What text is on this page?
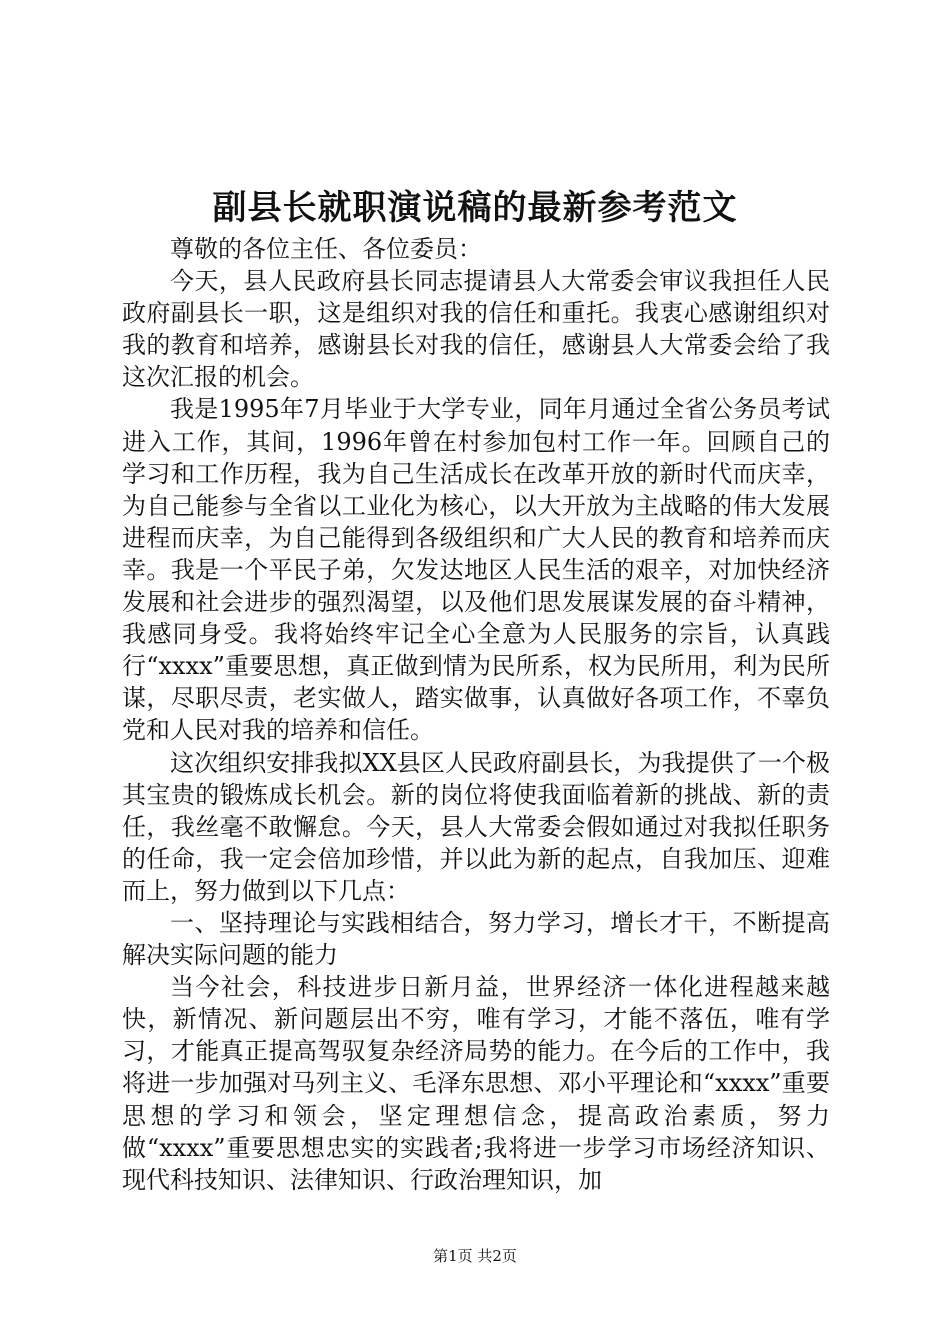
副县长就职演说稿的最新参考范文

尊敬的各位主任、各位委员：

今天，县人民政府县长同志提请县人大常委会审议我担任人民政府副县长一职，这是组织对我的信任和重托。我衷心感谢组织对我的教育和培养，感谢县长对我的信任，感谢县人大常委会给了我这次汇报的机会。

我是1995年7月毕业于大学专业，同年月通过全省公务员考试进入工作，其间，1996年曾在村参加包村工作一年。回顾自己的学习和工作历程，我为自己生活成长在改革开放的新时代而庆幸，为自己能参与全省以工业化为核心，以大开放为主战略的伟大发展进程而庆幸，为自己能得到各级组织和广大人民的教育和培养而庆幸。我是一个平民子弟，欠发达地区人民生活的艰辛，对加快经济发展和社会进步的强烈渴望，以及他们思发展谋发展的奋斗精神，我感同身受。我将始终牢记全心全意为人民服务的宗旨，认真践行“xxxx”重要思想，真正做到情为民所系，权为民所用，利为民所谋，尽职尽责，老实做人，踏实做事，认真做好各项工作，不辜负党和人民对我的培养和信任。

这次组织安排我拟XX县区人民政府副县长，为我提供了一个极其宝贵的锻炼成长机会。新的岗位将使我面临着新的挑战、新的责任，我丝毫不敢懈怠。今天，县人大常委会假如通过对我拟任职务的任命，我一定会倍加珍惜，并以此为新的起点，自我加压、迎难而上，努力做到以下几点：

一、坚持理论与实践相结合，努力学习，增长才干，不断提高解决实际问题的能力

当今社会，科技进步日新月益，世界经济一体化进程越来越快，新情况、新问题层出不穷，唯有学习，才能不落伍，唯有学习，才能真正提高驾驭复杂经济局势的能力。在今后的工作中，我将进一步加强对马列主义、毛泽东思想、邓小平理论和“xxxx”重要思想的学习和领会，坚定理想信念，提高政治素质，努力做“xxxx”重要思想忠实的实践者;我将进一步学习市场经济知识、现代科技知识、法律知识、行政治理知识，加

第1页 共2页
